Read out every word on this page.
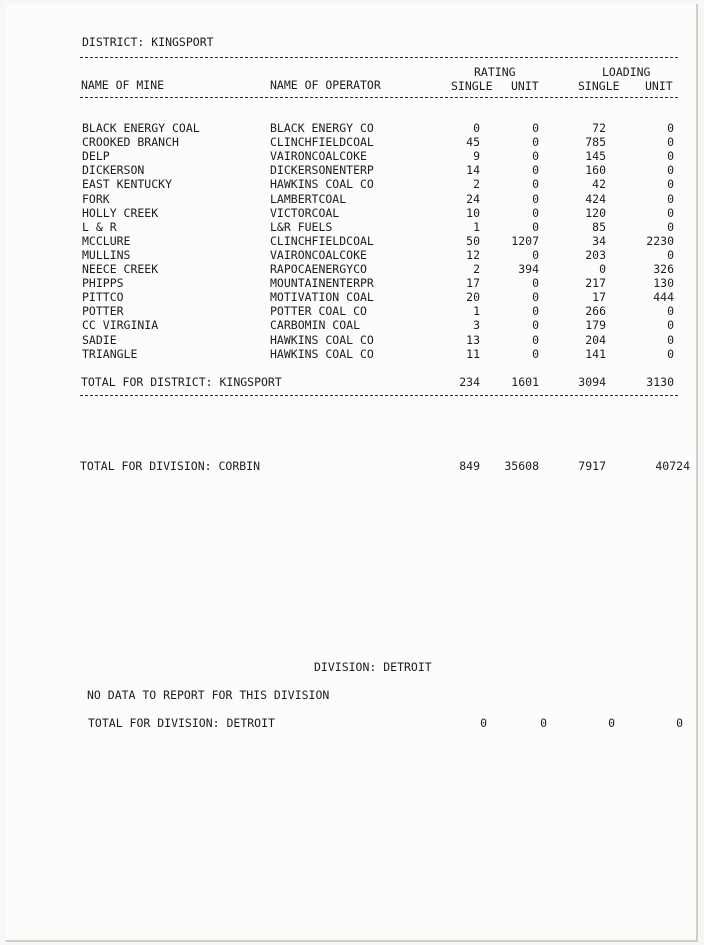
DISTRICT: KINGSPORT
NAME OF MINE	NAME OF OPERATOR
RATING	LOADING
SINGLE UNIT	SINGLE UNIT
BLACK ENERGY COAL	BLACK ENERGY CO	0	0	72	0
CROOKED BRANCH	CLINCHFIELDCOAL	45	0	785	0
DELP	VAIRONCOALCOKE	9	0	145	0
DICKERSON	DICKERSONENTERP	14	0	160	0
EAST KENTUCKY	HAWKINS COAL CO	2	0	42	0
FORK	LAMBERTCOAL	24	0	424	0
HOLLY CREEK	VICTORCOAL	10	0	120	0
L & R	L&R FUELS	1	0	85	0
MCCLURE	CLINCHFIELDCOAL	50	1207	34	2230
MULLINS	VAIRONCOALCOKE	12	0	203	0
NEECE CREEK	RAPOCAENERGYCO	2	394	0	326
PHIPPS	MOUNTAINENTERPR	17	0	217	130
PITTCO	MOTIVATION COAL	20	0	17	444
POTTER	POTTER COAL CO	1	0	266	0
CC VIRGINIA	CARBOMIN COAL	3	0	179	0
SADIE	HAWKINS COAL CO	13	0	204	0
TRIANGLE	HAWKINS COAL CO	11	0	141	0
TOTAL FOR DISTRICT: KINGSPORT	234	1601	3094	3130
TOTAL FOR DIVISION: CORBIN	849 35608	7917	40724
DIVISION: DETROIT
NO DATA TO REPORT FOR THIS DIVISION
TOTAL FOR DIVISION: DETROIT	0	0	0	0
